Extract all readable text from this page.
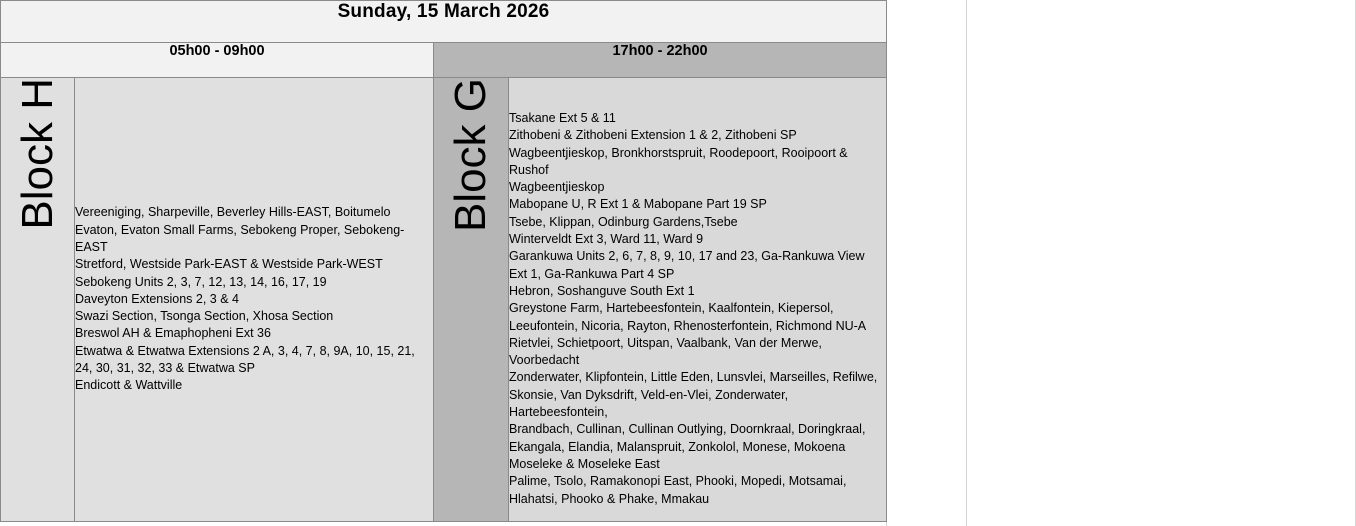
Sunday, 15 March 2026			
05h00 - 09h00		17h00 - 22h00	
Block H	Vereeniging, Sharpeville, Beverley Hills-EAST, Boitumelo
Evaton, Evaton Small Farms, Sebokeng Proper, Sebokeng-EAST
Stretford, Westside Park-EAST & Westside Park-WEST
Sebokeng Units 2, 3, 7, 12, 13, 14, 16, 17, 19
Daveyton Extensions 2, 3 & 4
Swazi Section, Tsonga Section, Xhosa Section
Breswol AH & Emaphopheni Ext 36
Etwatwa & Etwatwa Extensions 2 A, 3, 4, 7, 8, 9A, 10, 15, 21, 24, 30, 31, 32, 33 & Etwatwa SP
Endicott & Wattville
	Block G	Tsakane Ext 5 & 11
Zithobeni & Zithobeni Extension 1 & 2, Zithobeni SP
Wagbeentjieskop, Bronkhorstspruit, Roodepoort, Rooipoort & Rushof
Wagbeentjieskop
Mabopane U, R Ext 1 & Mabopane Part 19 SP
Tsebe, Klippan, Odinburg Gardens,Tsebe
Winterveldt Ext 3, Ward 11, Ward 9
Garankuwa Units 2, 6, 7, 8, 9, 10, 17 and 23, Ga-Rankuwa View Ext 1, Ga-Rankuwa Part 4 SP
Hebron, Soshanguve South Ext 1
Greystone Farm, Hartebeesfontein, Kaalfontein, Kiepersol, Leeufontein, Nicoria, Rayton, Rhenosterfontein, Richmond NU-A
Rietvlei, Schietpoort, Uitspan, Vaalbank, Van der Merwe, Voorbedacht
Zonderwater, Klipfontein, Little Eden, Lunsvlei, Marseilles, Refilwe, Skonsie, Van Dyksdrift, Veld-en-Vlei, Zonderwater, Hartebeesfontein,
Brandbach, Cullinan, Cullinan Outlying, Doornkraal, Doringkraal,
Ekangala, Elandia, Malanspruit, Zonkolol, Monese, Mokoena
Moseleke & Moseleke East
Palime, Tsolo, Ramakonopi East, Phooki, Mopedi, Motsamai,
Hlahatsi, Phooko & Phake, Mmakau
